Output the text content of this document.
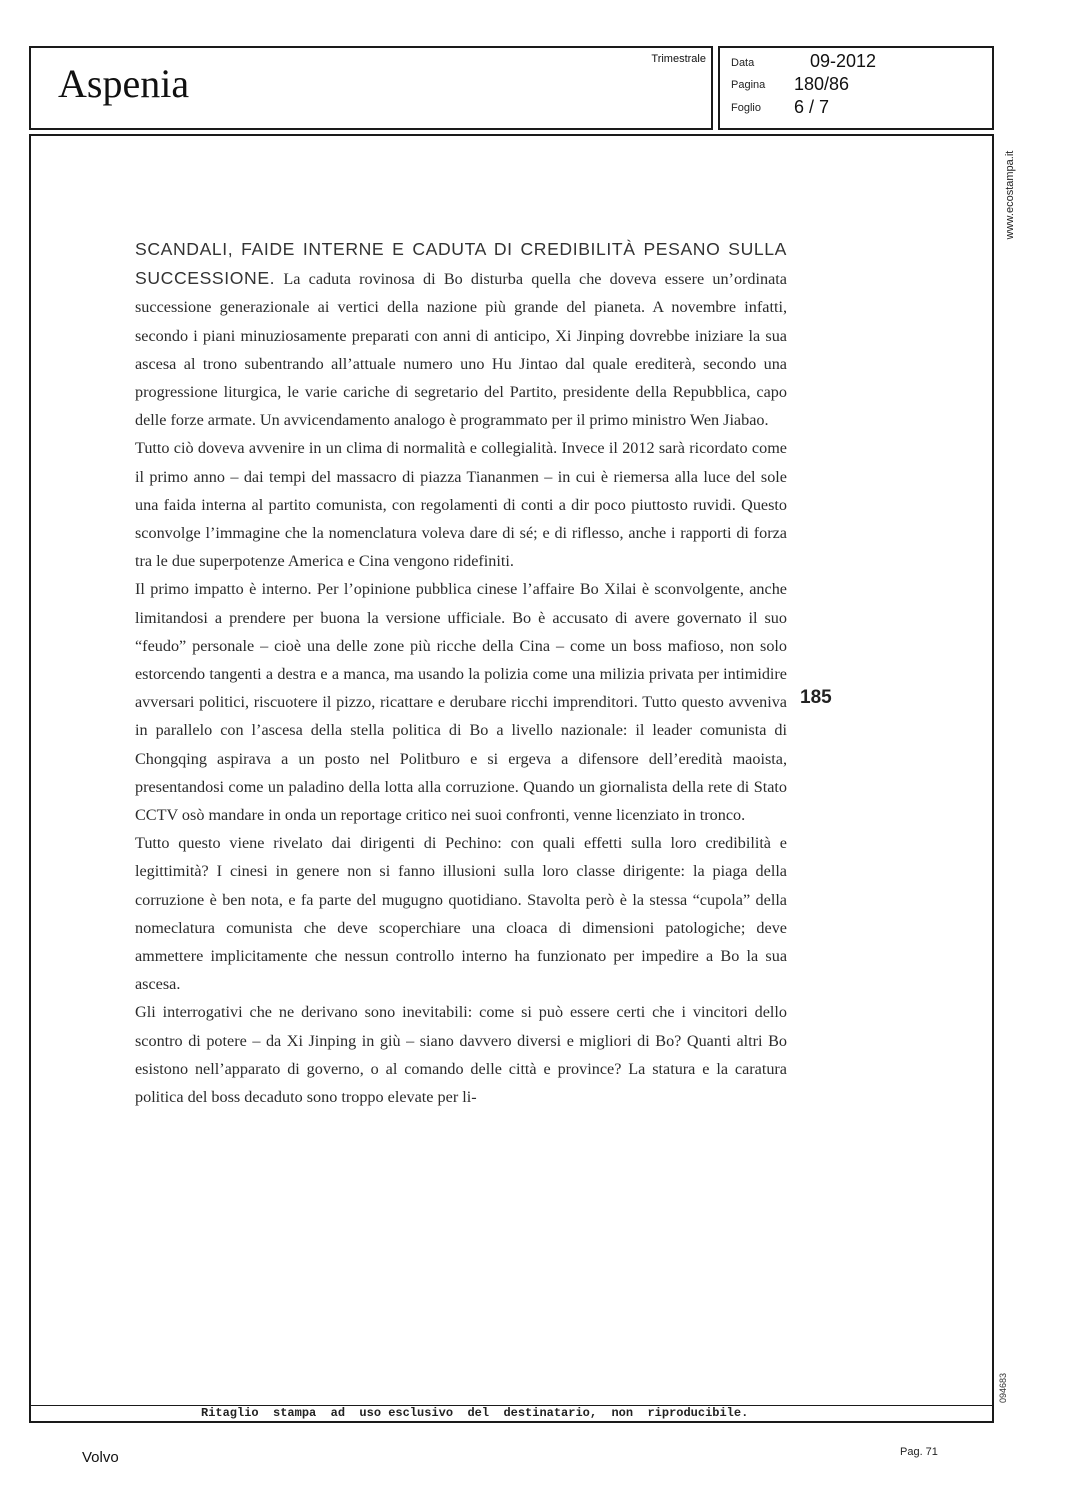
Aspenia
Trimestrale Data	09-2012
Pagina 180/86
Foglio 6 / 7
www.ecostampa.it
094683

SCANDALI, FAIDE INTERNE E CADUTA DI CREDIBILITÀ PESANO SULLA SUCCESSIONE. La caduta rovinosa di Bo disturba quella che doveva essere un’ordinata successione generazionale ai vertici della nazione più grande del pianeta. A novembre infatti, secondo i piani minuziosamente preparati con anni di anticipo, Xi Jinping dovrebbe iniziare la sua ascesa al trono subentrando all’attuale numero uno Hu Jintao dal quale erediterà, secondo una progressione liturgica, le varie cariche di segretario del Partito, presidente della Repubblica, capo delle forze armate. Un avvicendamento analogo è programmato per il primo ministro Wen Jiabao.

Tutto ciò doveva avvenire in un clima di normalità e collegialità. Invece il 2012 sarà ricordato come il primo anno – dai tempi del massacro di piazza Tiananmen – in cui è riemersa alla luce del sole una faida interna al partito comunista, con regolamenti di conti a dir poco piuttosto ruvidi. Questo sconvolge l’immagine che la nomenclatura voleva dare di sé; e di riflesso, anche i rapporti di forza tra le due superpotenze America e Cina vengono ridefiniti.

Il primo impatto è interno. Per l’opinione pubblica cinese l’affaire Bo Xilai è sconvolgente, anche limitandosi a prendere per buona la versione ufficiale. Bo è accusato di avere governato il suo “feudo” personale – cioè una delle zone più ricche della Cina – come un boss mafioso, non solo estorcendo tangenti a destra e a manca, ma usando la polizia come una milizia privata per intimidire avversari politici, riscuotere il pizzo, ricattare e derubare ricchi imprenditori. Tutto questo avveniva in parallelo con l’ascesa della stella politica di Bo a livello nazionale: il leader comunista di Chongqing aspirava a un posto nel Politburo e si ergeva a difensore dell’eredità maoista, presentandosi come un paladino della lotta alla corruzione. Quando un giornalista della rete di Stato CCTV osò mandare in onda un reportage critico nei suoi confronti, venne licenziato in tronco.

Tutto questo viene rivelato dai dirigenti di Pechino: con quali effetti sulla loro credibilità e legittimità? I cinesi in genere non si fanno illusioni sulla loro classe dirigente: la piaga della corruzione è ben nota, e fa parte del mugugno quotidiano. Stavolta però è la stessa “cupola” della nomeclatura comunista che deve scoperchiare una cloaca di dimensioni patologiche; deve ammettere implicitamente che nessun controllo interno ha funzionato per impedire a Bo la sua ascesa.

Gli interrogativi che ne derivano sono inevitabili: come si può essere certi che i vincitori dello scontro di potere – da Xi Jinping in giù – siano davvero diversi e migliori di Bo? Quanti altri Bo esistono nell’apparato di governo, o al comando delle città e province? La statura e la caratura politica del boss decaduto sono troppo elevate per li-

185
Ritaglio  stampa  ad  uso esclusivo  del  destinatario,  non  riproducibile.
Volvo	Pag. 71
